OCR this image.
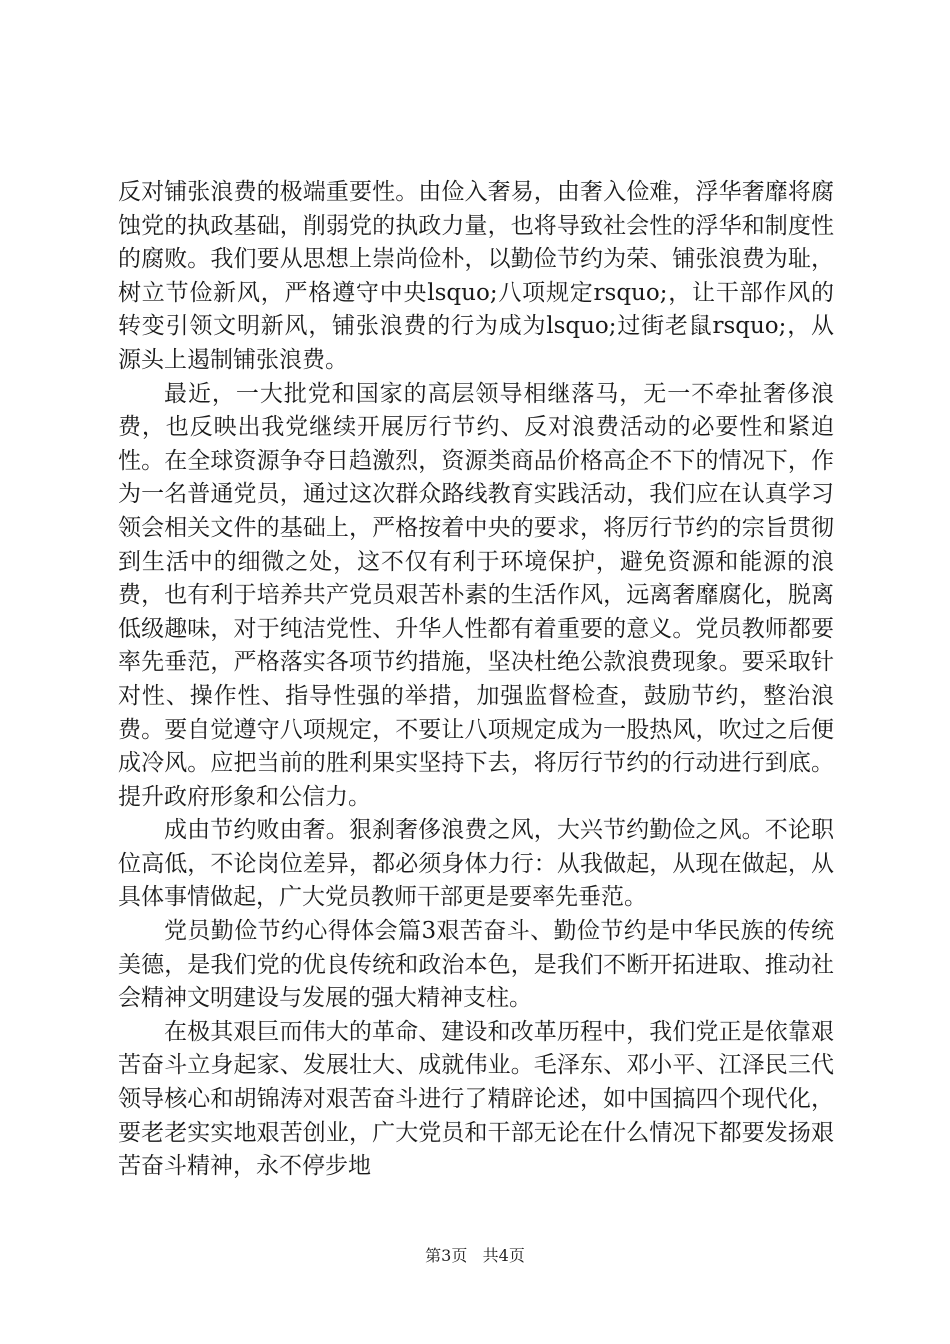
反对铺张浪费的极端重要性。由俭入奢易，由奢入俭难，浮华奢靡将腐蚀党的执政基础，削弱党的执政力量，也将导致社会性的浮华和制度性的腐败。我们要从思想上崇尚俭朴，以勤俭节约为荣、铺张浪费为耻，树立节俭新风，严格遵守中央lsquo;八项规定rsquo;，让干部作风的转变引领文明新风，铺张浪费的行为成为lsquo;过街老鼠rsquo;，从源头上遏制铺张浪费。

最近，一大批党和国家的高层领导相继落马，无一不牵扯奢侈浪费，也反映出我党继续开展厉行节约、反对浪费活动的必要性和紧迫性。在全球资源争夺日趋激烈，资源类商品价格高企不下的情况下，作为一名普通党员，通过这次群众路线教育实践活动，我们应在认真学习领会相关文件的基础上，严格按着中央的要求，将厉行节约的宗旨贯彻到生活中的细微之处，这不仅有利于环境保护，避免资源和能源的浪费，也有利于培养共产党员艰苦朴素的生活作风，远离奢靡腐化，脱离低级趣味，对于纯洁党性、升华人性都有着重要的意义。党员教师都要率先垂范，严格落实各项节约措施，坚决杜绝公款浪费现象。要采取针对性、操作性、指导性强的举措，加强监督检查，鼓励节约，整治浪费。要自觉遵守八项规定，不要让八项规定成为一股热风，吹过之后便成冷风。应把当前的胜利果实坚持下去，将厉行节约的行动进行到底。提升政府形象和公信力。

成由节约败由奢。狠刹奢侈浪费之风，大兴节约勤俭之风。不论职位高低，不论岗位差异，都必须身体力行：从我做起，从现在做起，从具体事情做起，广大党员教师干部更是要率先垂范。

党员勤俭节约心得体会篇3艰苦奋斗、勤俭节约是中华民族的传统美德，是我们党的优良传统和政治本色，是我们不断开拓进取、推动社会精神文明建设与发展的强大精神支柱。

在极其艰巨而伟大的革命、建设和改革历程中，我们党正是依靠艰苦奋斗立身起家、发展壮大、成就伟业。毛泽东、邓小平、江泽民三代领导核心和胡锦涛对艰苦奋斗进行了精辟论述，如中国搞四个现代化，要老老实实地艰苦创业，广大党员和干部无论在什么情况下都要发扬艰苦奋斗精神，永不停步地

第3页 共4页
